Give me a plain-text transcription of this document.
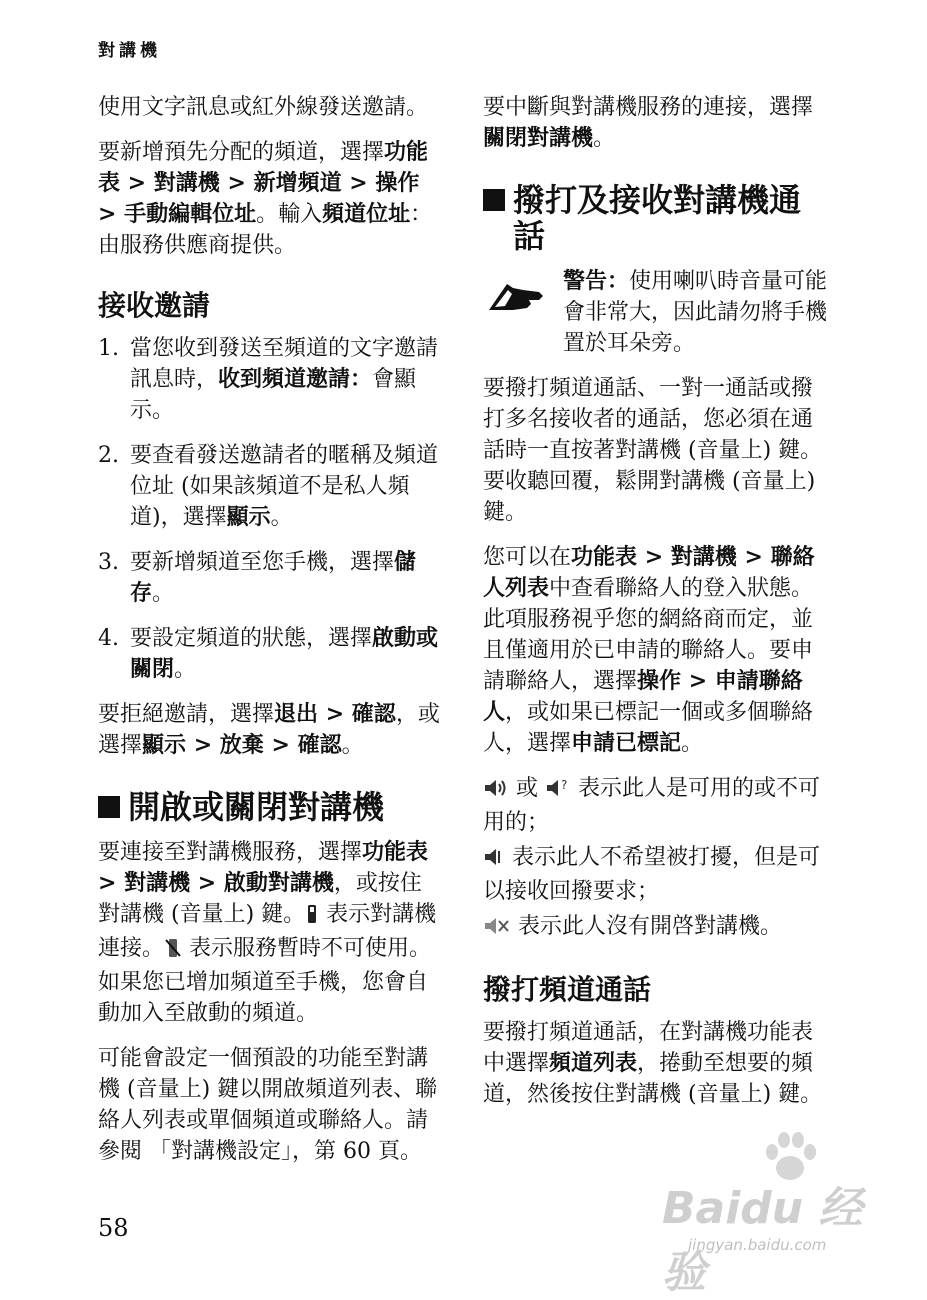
對講機

使用文字訊息或紅外線發送邀請。

要新增預先分配的頻道，選擇功能表 > 對講機 > 新增頻道 > 操作 > 手動編輯位址。輸入頻道位址：由服務供應商提供。

接收邀請
1. 當您收到發送至頻道的文字邀請訊息時，收到頻道邀請：會顯示。
2. 要查看發送邀請者的暱稱及頻道位址 (如果該頻道不是私人頻道)，選擇顯示。
3. 要新增頻道至您手機，選擇儲存。
4. 要設定頻道的狀態，選擇啟動或關閉。

要拒絕邀請，選擇退出 > 確認，或選擇顯示 > 放棄 > 確認。

開啟或關閉對講機

要連接至對講機服務，選擇功能表 > 對講機 > 啟動對講機，或按住對講機 (音量上) 鍵。 表示對講機連接。 表示服務暫時不可使用。如果您已增加頻道至手機，您會自動加入至啟動的頻道。

可能會設定一個預設的功能至對講機 (音量上) 鍵以開啟頻道列表、聯絡人列表或單個頻道或聯絡人。請參閱 「對講機設定」，第 60 頁。

要中斷與對講機服務的連接，選擇關閉對講機。

撥打及接收對講機通話

警告：使用喇叭時音量可能會非常大，因此請勿將手機置於耳朵旁。

要撥打頻道通話、一對一通話或撥打多名接收者的通話，您必須在通話時一直按著對講機 (音量上) 鍵。要收聽回覆，鬆開對講機 (音量上) 鍵。

您可以在功能表 > 對講機 > 聯絡人列表中查看聯絡人的登入狀態。此項服務視乎您的網絡商而定，並且僅適用於已申請的聯絡人。要申請聯絡人，選擇操作 > 申請聯絡人，或如果已標記一個或多個聯絡人，選擇申請已標記。

或 ? 表示此人是可用的或不可用的；

表示此人不希望被打擾，但是可以接收回撥要求；

表示此人沒有開啓對講機。

撥打頻道通話

要撥打頻道通話，在對講機功能表中選擇頻道列表，捲動至想要的頻道，然後按住對講機 (音量上) 鍵。

58	Baidu 经验
jingyan.baidu.com
